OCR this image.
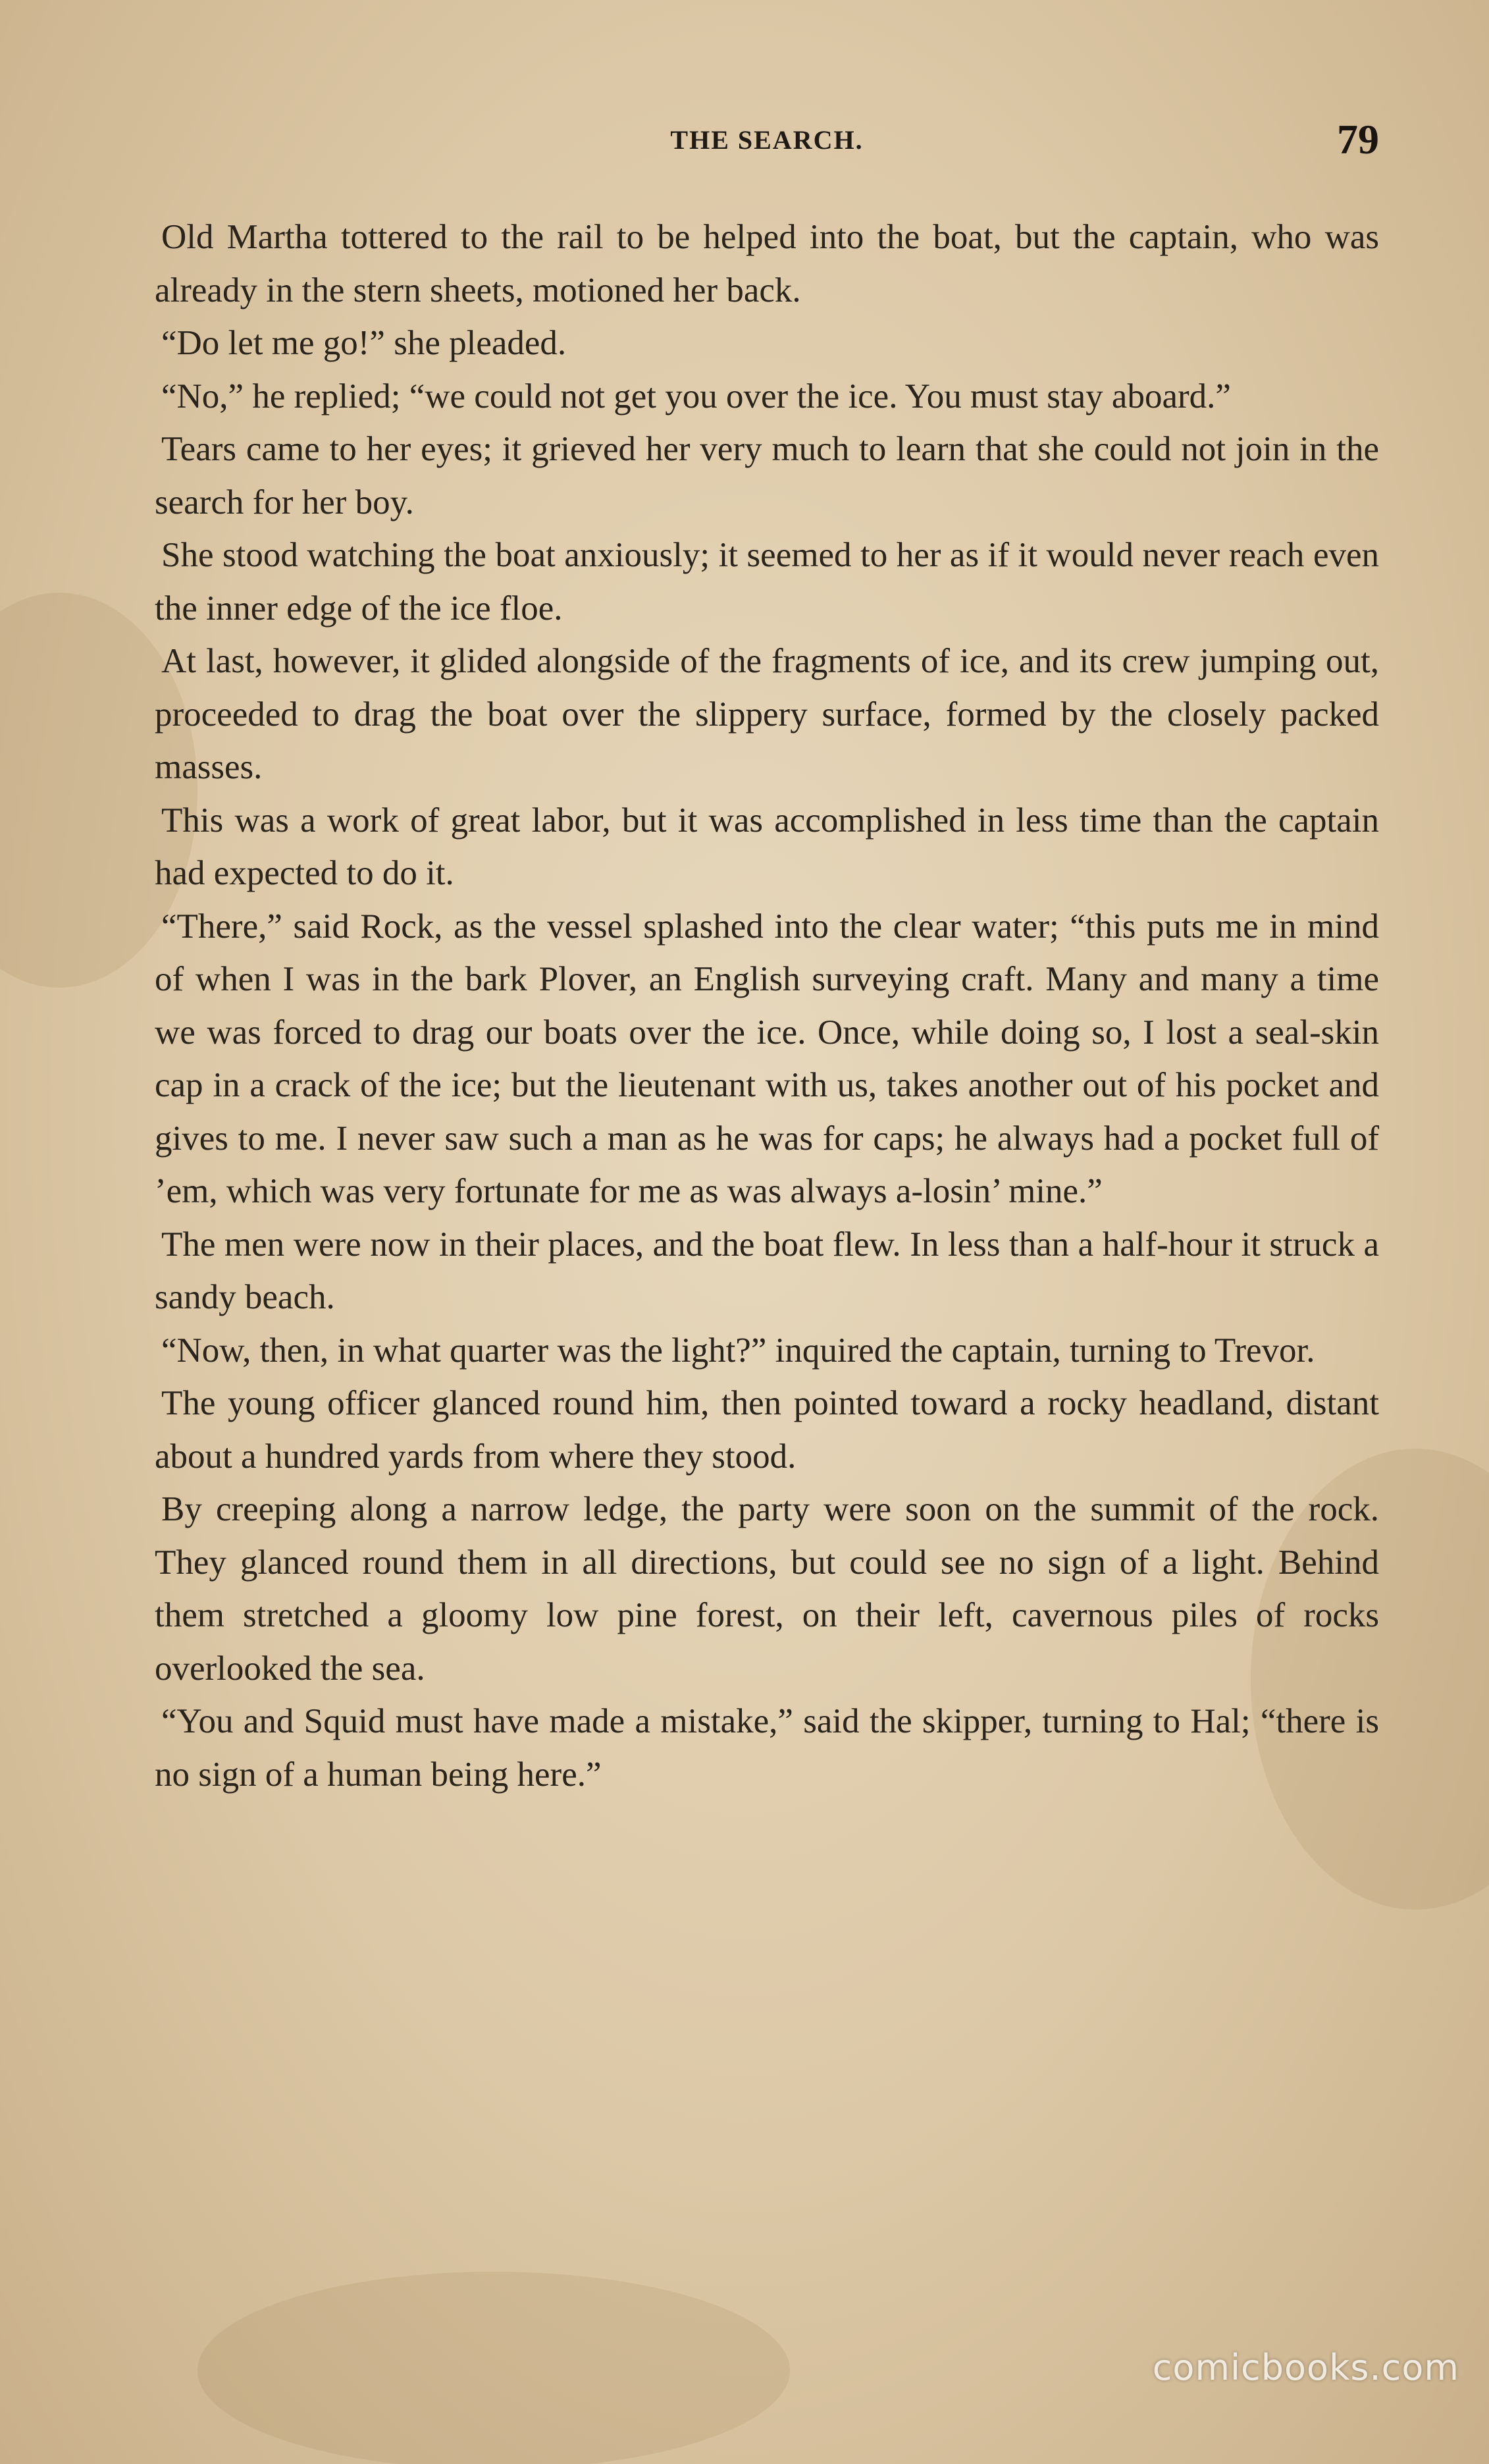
THE SEARCH.	79

Old Martha tottered to the rail to be helped into the boat, but the captain, who was already in the stern sheets, motioned her back.

“Do let me go!” she pleaded.

“No,” he replied; “we could not get you over the ice. You must stay aboard.”

Tears came to her eyes; it grieved her very much to learn that she could not join in the search for her boy.

She stood watching the boat anxiously; it seemed to her as if it would never reach even the inner edge of the ice floe.

At last, however, it glided alongside of the fragments of ice, and its crew jumping out, proceeded to drag the boat over the slippery surface, formed by the closely packed masses.

This was a work of great labor, but it was accomplished in less time than the captain had expected to do it.

“There,” said Rock, as the vessel splashed into the clear water; “this puts me in mind of when I was in the bark Plover, an English surveying craft. Many and many a time we was forced to drag our boats over the ice. Once, while doing so, I lost a seal-skin cap in a crack of the ice; but the lieutenant with us, takes another out of his pocket and gives to me. I never saw such a man as he was for caps; he always had a pocket full of ’em, which was very fortunate for me as was always a-losin’ mine.”

The men were now in their places, and the boat flew. In less than a half-hour it struck a sandy beach.

“Now, then, in what quarter was the light?” inquired the captain, turning to Trevor.

The young officer glanced round him, then pointed toward a rocky headland, distant about a hundred yards from where they stood.

By creeping along a narrow ledge, the party were soon on the summit of the rock. They glanced round them in all directions, but could see no sign of a light. Behind them stretched a gloomy low pine forest, on their left, cavernous piles of rocks overlooked the sea.

“You and Squid must have made a mistake,” said the skipper, turning to Hal; “there is no sign of a human being here.”

comicbooks.com
